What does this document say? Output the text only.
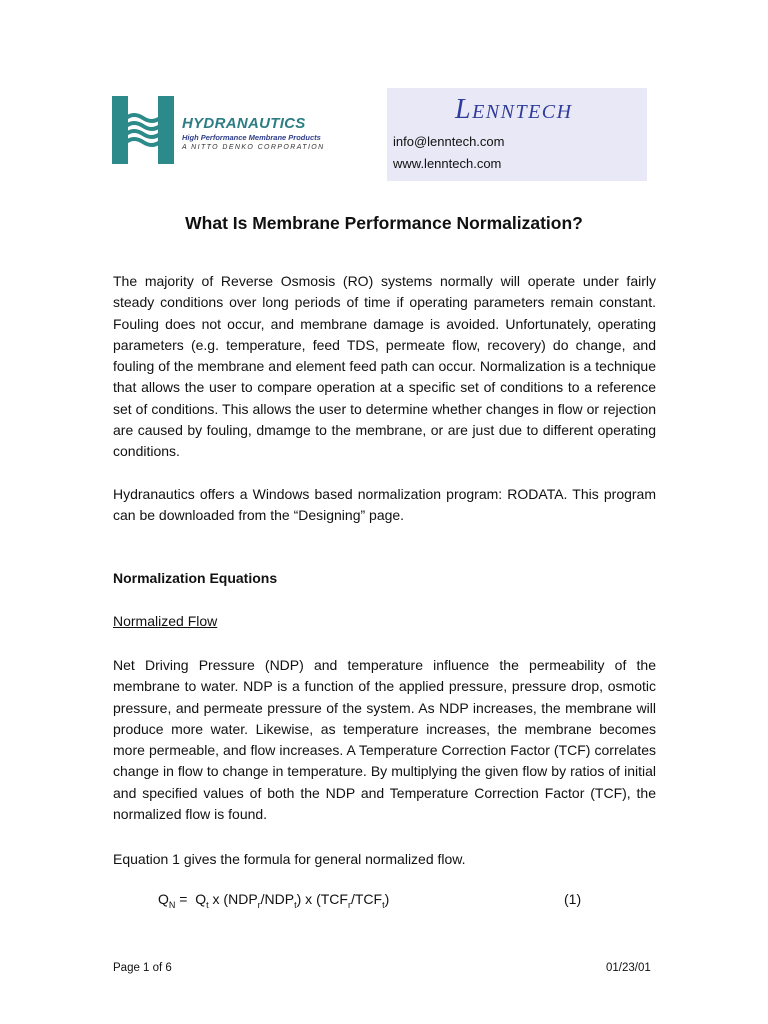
HYDRANAUTICS
High Performance Membrane Products
A NITTO DENKO CORPORATION
Lenntech
info@lenntech.com
www.lenntech.com
What Is Membrane Performance Normalization?

The majority of Reverse Osmosis (RO) systems normally will operate under fairly steady conditions over long periods of time if operating parameters remain constant. Fouling does not occur, and membrane damage is avoided. Unfortunately, operating parameters (e.g. temperature, feed TDS, permeate flow, recovery) do change, and fouling of the membrane and element feed path can occur. Normalization is a technique that allows the user to compare operation at a specific set of conditions to a reference set of conditions. This allows the user to determine whether changes in flow or rejection are caused by fouling, dmamge to the membrane, or are just due to different operating conditions.

Hydranautics offers a Windows based normalization program: RODATA. This program can be downloaded from the “Designing” page.

Normalization Equations
Normalized Flow

Net Driving Pressure (NDP) and temperature influence the permeability of the membrane to water. NDP is a function of the applied pressure, pressure drop, osmotic pressure, and permeate pressure of the system. As NDP increases, the membrane will produce more water. Likewise, as temperature increases, the membrane becomes more permeable, and flow increases. A Temperature Correction Factor (TCF) correlates change in flow to change in temperature. By multiplying the given flow by ratios of initial and specified values of both the NDP and Temperature Correction Factor (TCF), the normalized flow is found.

Equation 1 gives the formula for general normalized flow.

$Q_N = Q_t$ x $(NDP_r/NDP_t)$ x $(TCF_r/TCF_t)$	(1)
Page 1 of 6	01/23/01
